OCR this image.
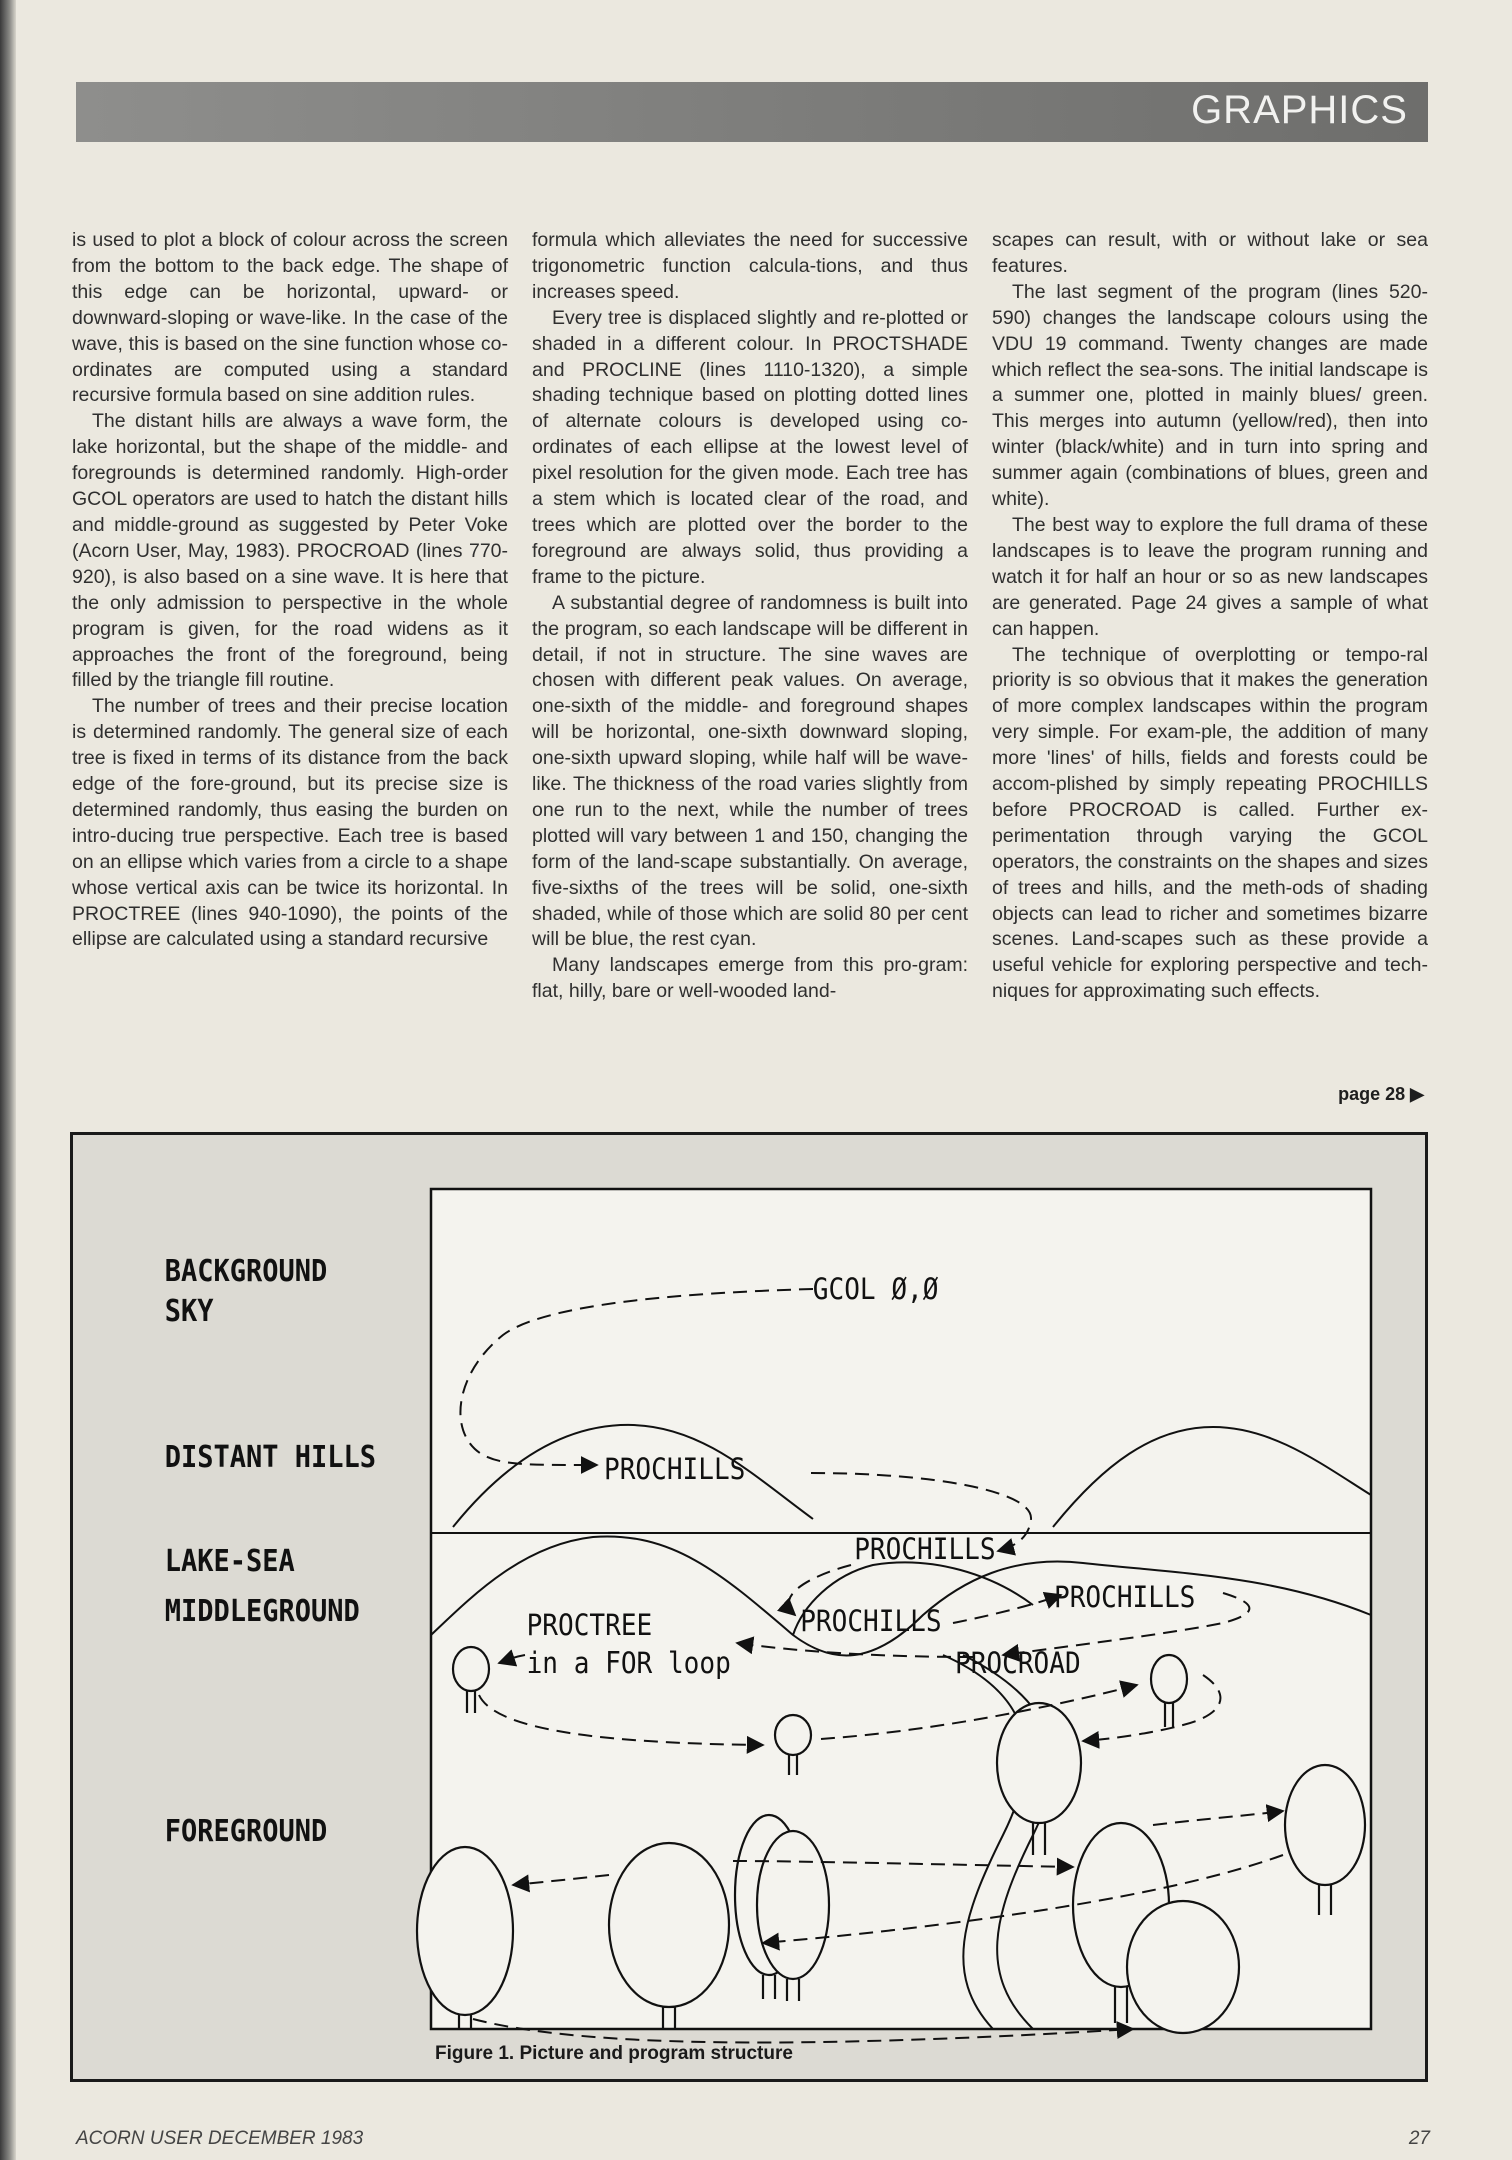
GRAPHICS

is used to plot a block of colour across the screen from the bottom to the back edge. The shape of this edge can be horizontal, upward- or downward-sloping or wave-like. In the case of the wave, this is based on the sine function whose co-ordinates are computed using a standard recursive formula based on sine addition rules.

The distant hills are always a wave form, the lake horizontal, but the shape of the middle- and foregrounds is determined randomly. High-order GCOL operators are used to hatch the distant hills and middle-ground as suggested by Peter Voke (Acorn User, May, 1983). PROCROAD (lines 770-920), is also based on a sine wave. It is here that the only admission to perspective in the whole program is given, for the road widens as it approaches the front of the foreground, being filled by the triangle fill routine.

The number of trees and their precise location is determined randomly. The general size of each tree is fixed in terms of its distance from the back edge of the fore-ground, but its precise size is determined randomly, thus easing the burden on intro-ducing true perspective. Each tree is based on an ellipse which varies from a circle to a shape whose vertical axis can be twice its horizontal. In PROCTREE (lines 940-1090), the points of the ellipse are calculated using a standard recursive

formula which alleviates the need for successive trigonometric function calcula-tions, and thus increases speed.

Every tree is displaced slightly and re-plotted or shaded in a different colour. In PROCTSHADE and PROCLINE (lines 1110-1320), a simple shading technique based on plotting dotted lines of alternate colours is developed using co-ordinates of each ellipse at the lowest level of pixel resolution for the given mode. Each tree has a stem which is located clear of the road, and trees which are plotted over the border to the foreground are always solid, thus providing a frame to the picture.

A substantial degree of randomness is built into the program, so each landscape will be different in detail, if not in structure. The sine waves are chosen with different peak values. On average, one-sixth of the middle- and foreground shapes will be horizontal, one-sixth downward sloping, one-sixth upward sloping, while half will be wave-like. The thickness of the road varies slightly from one run to the next, while the number of trees plotted will vary between 1 and 150, changing the form of the land-scape substantially. On average, five-sixths of the trees will be solid, one-sixth shaded, while of those which are solid 80 per cent will be blue, the rest cyan.

Many landscapes emerge from this pro-gram: flat, hilly, bare or well-wooded land-

scapes can result, with or without lake or sea features.

The last segment of the program (lines 520-590) changes the landscape colours using the VDU 19 command. Twenty changes are made which reflect the sea-sons. The initial landscape is a summer one, plotted in mainly blues/ green. This merges into autumn (yellow/red), then into winter (black/white) and in turn into spring and summer again (combinations of blues, green and white).

The best way to explore the full drama of these landscapes is to leave the program running and watch it for half an hour or so as new landscapes are generated. Page 24 gives a sample of what can happen.

The technique of overplotting or tempo-ral priority is so obvious that it makes the generation of more complex landscapes within the program very simple. For exam-ple, the addition of many more 'lines' of hills, fields and forests could be accom-plished by simply repeating PROCHILLS before PROCROAD is called. Further ex-perimentation through varying the GCOL operators, the constraints on the shapes and sizes of trees and hills, and the meth-ods of shading objects can lead to richer and sometimes bizarre scenes. Land-scapes such as these provide a useful vehicle for exploring perspective and tech-niques for approximating such effects.

page 28 ▶
BACKGROUND
SKY
DISTANT HILLS
LAKE-SEA
MIDDLEGROUND
FOREGROUND
GCOL Ø,Ø
PROCHILLS
PROCHILLS
PROCHILLS
PROCHILLS
PROCTREE
in a FOR loop	PROCROAD
Figure 1. Picture and program structure
ACORN USER DECEMBER 1983	27
